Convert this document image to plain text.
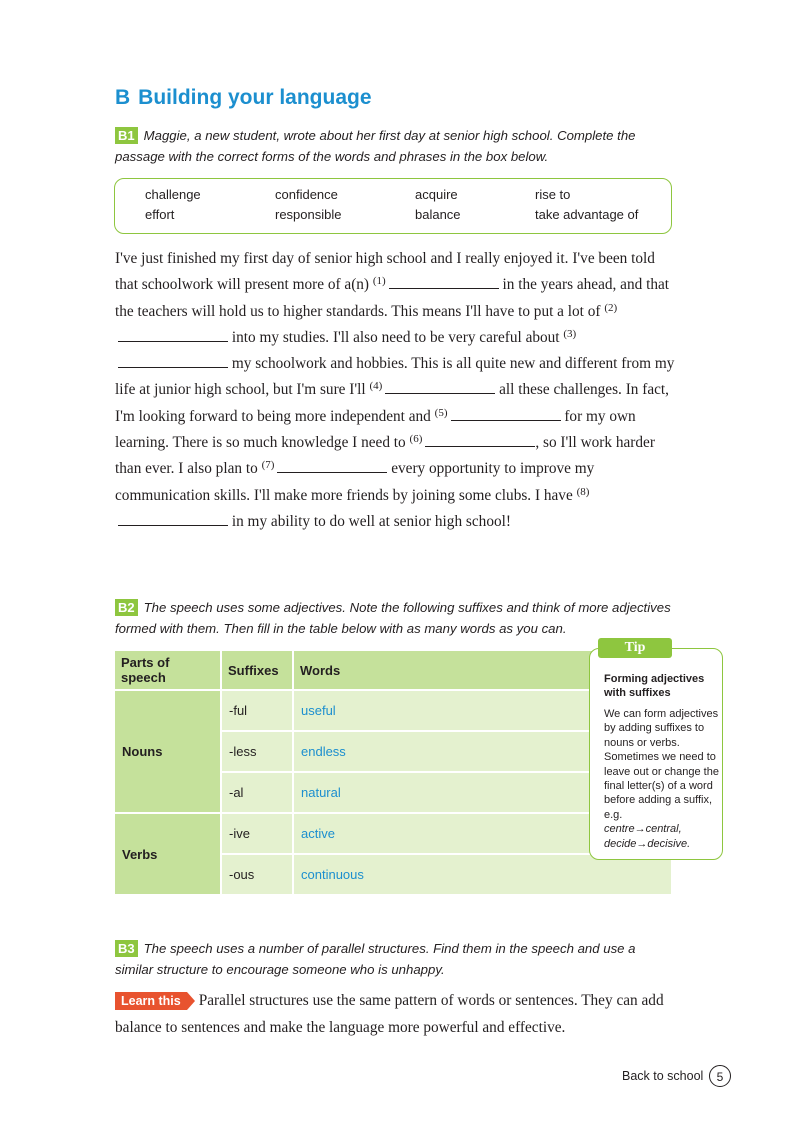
B Building your language
B1 Maggie, a new student, wrote about her first day at senior high school. Complete the
passage with the correct forms of the words and phrases in the box below.
challenge	confidence	acquire	rise to
effort	responsible	balance	take advantage of
I've just finished my first day of senior high school and I really enjoyed it. I've been told that schoolwork will present more of a(n) $^{(1)}$	in the years ahead, and that the teachers will hold us to higher standards. This means I'll have to put a lot of $^{(2)}$ into my studies. I'll also need to be very careful about $^{(3)}$ my schoolwork and hobbies. This is all quite new and different from my life at junior high school, but I'm sure I'll $^{(4)}$	all these challenges. In fact, I'm looking forward to being more independent and $^{(5)}$	for my own learning. There is so much knowledge I need to $^{(6)}$	, so I'll work harder than ever. I also plan to $^{(7)}$	every opportunity to improve my communication skills. I'll make more friends by joining some clubs. I have $^{(8)}$ in my ability to do well at senior high school!
B2 The speech uses some adjectives. Note the following suffixes and think of more adjectives
formed with them. Then fill in the table below with as many words as you can.
Parts of speech	Suffixes	Words
Nouns	-ful	useful
	-less	endless
	-al	natural
Verbs	-ive	active
	-ous	continuous
Tip
Forming adjectives with suffixes
We can form adjectives by adding suffixes to nouns or verbs. Sometimes we need to leave out or change the final letter(s) of a word before adding a suffix, e.g.
centre→central,
decide→decisive.
B3 The speech uses a number of parallel structures. Find them in the speech and use a
similar structure to encourage someone who is unhappy.
Learn this Parallel structures use the same pattern of words or sentences. They can add balance to sentences and make the language more powerful and effective.
Back to school	5
